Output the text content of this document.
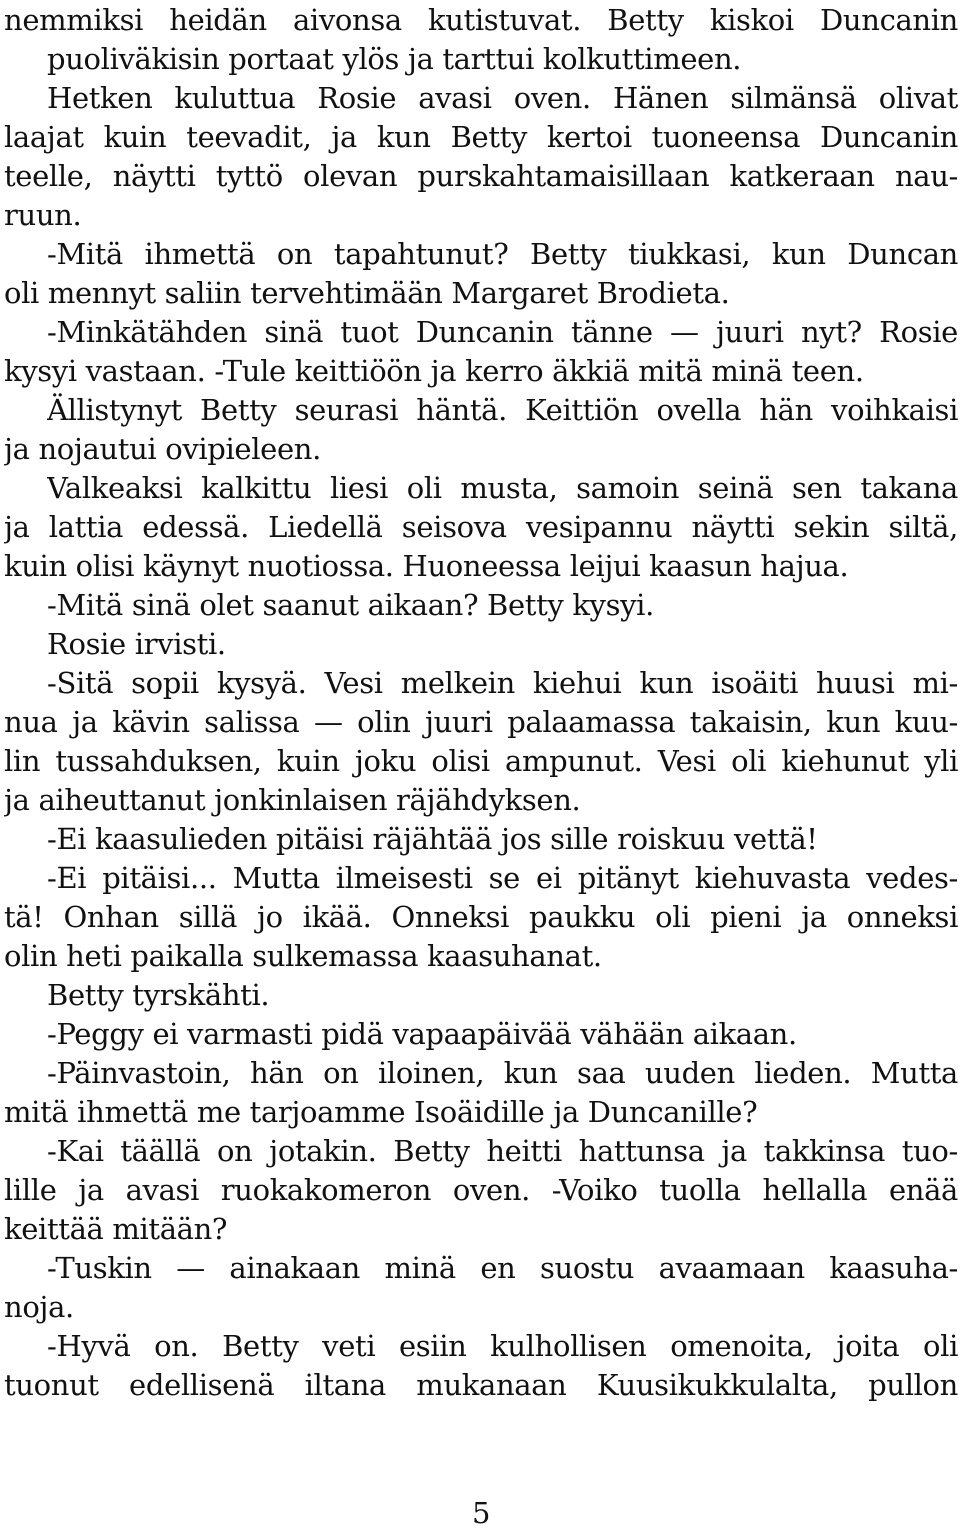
nemmiksi heidän aivonsa kutistuvat. Betty kiskoi Duncanin
puoliväkisin portaat ylös ja tarttui kolkuttimeen.
Hetken kuluttua Rosie avasi oven. Hänen silmänsä olivat
laajat kuin teevadit, ja kun Betty kertoi tuoneensa Duncanin
teelle, näytti tyttö olevan purskahtamaisillaan katkeraan nau-
ruun.
-Mitä ihmettä on tapahtunut? Betty tiukkasi, kun Duncan
oli mennyt saliin tervehtimään Margaret Brodieta.
-Minkätähden sinä tuot Duncanin tänne — juuri nyt? Rosie
kysyi vastaan. -Tule keittiöön ja kerro äkkiä mitä minä teen.
Ällistynyt Betty seurasi häntä. Keittiön ovella hän voihkaisi
ja nojautui ovipieleen.
Valkeaksi kalkittu liesi oli musta, samoin seinä sen takana
ja lattia edessä. Liedellä seisova vesipannu näytti sekin siltä,
kuin olisi käynyt nuotiossa. Huoneessa leijui kaasun hajua.
-Mitä sinä olet saanut aikaan? Betty kysyi.
Rosie irvisti.
-Sitä sopii kysyä. Vesi melkein kiehui kun isoäiti huusi mi-
nua ja kävin salissa — olin juuri palaamassa takaisin, kun kuu-
lin tussahduksen, kuin joku olisi ampunut. Vesi oli kiehunut yli
ja aiheuttanut jonkinlaisen räjähdyksen.
-Ei kaasulieden pitäisi räjähtää jos sille roiskuu vettä!
-Ei pitäisi... Mutta ilmeisesti se ei pitänyt kiehuvasta vedes-
tä! Onhan sillä jo ikää. Onneksi paukku oli pieni ja onneksi
olin heti paikalla sulkemassa kaasuhanat.
Betty tyrskähti.
-Peggy ei varmasti pidä vapaapäivää vähään aikaan.
-Päinvastoin, hän on iloinen, kun saa uuden lieden. Mutta
mitä ihmettä me tarjoamme Isoäidille ja Duncanille?
-Kai täällä on jotakin. Betty heitti hattunsa ja takkinsa tuo-
lille ja avasi ruokakomeron oven. -Voiko tuolla hellalla enää
keittää mitään?
-Tuskin — ainakaan minä en suostu avaamaan kaasuha-
noja.
-Hyvä on. Betty veti esiin kulhollisen omenoita, joita oli
tuonut edellisenä iltana mukanaan Kuusikukkulalta, pullon
5
